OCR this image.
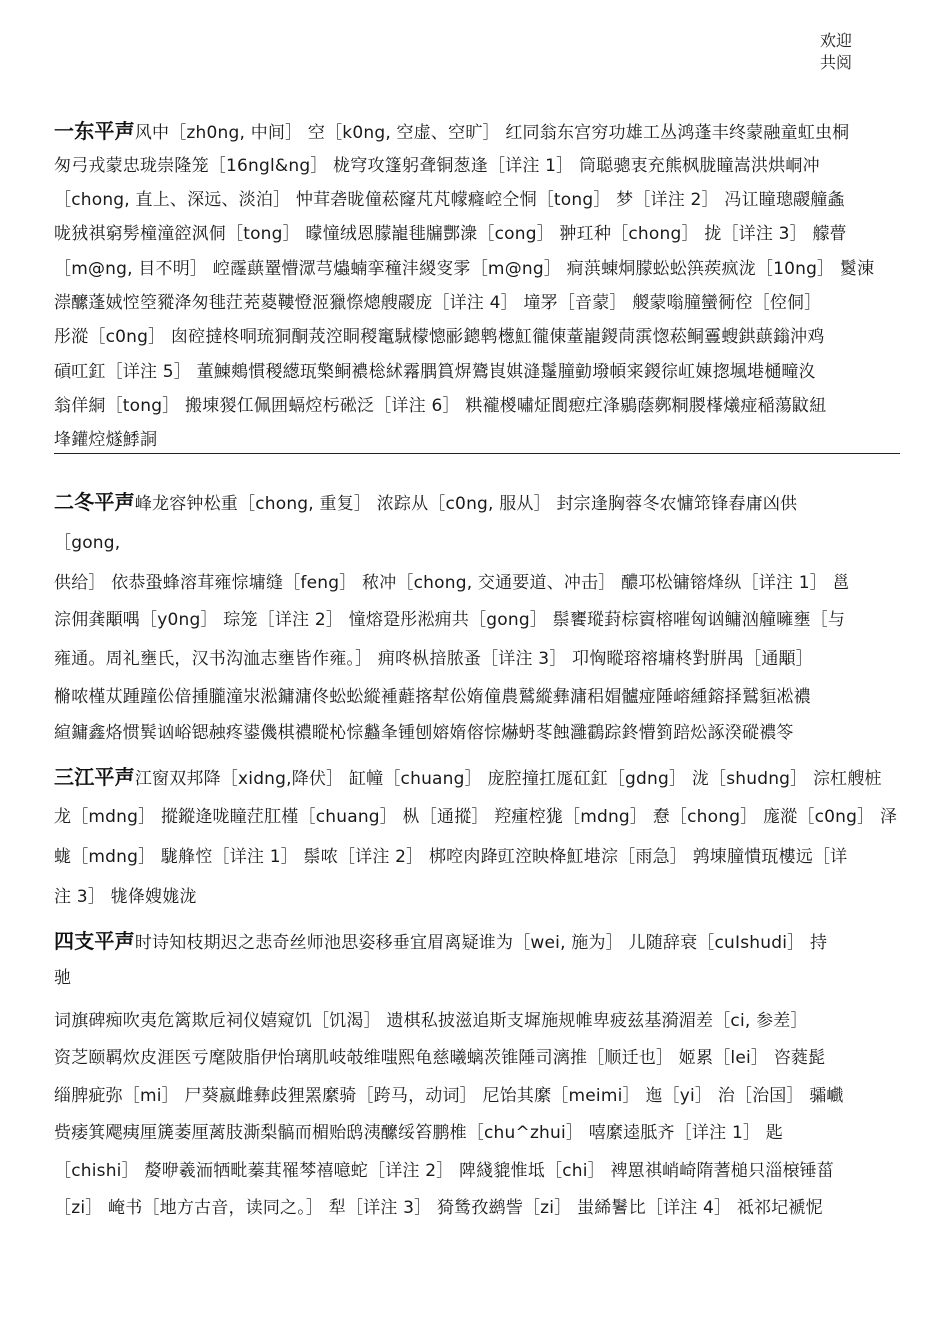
欢迎
共阅
一东平声风中［zh0ng, 中间］ 空［k0ng, 空虚、空旷］ 红同翁东宫穷功雄工丛鸿蓬丰终蒙融童虹虫桐
匆弓戎蒙忠珑崇隆笼［16ngl&ng］ 栊穹攻篷躬聋铜葱逢［详注 1］ 筒聪骢衷充熊枫胧瞳嵩洪烘峒冲
［chong, 直上、深远、淡泊］ 忡茸砻昽僮菘窿芃芃幪癃崆仝恫［tong］ 梦［详注 2］ 冯讧瞳璁鬷艟螽
咙狨祺窮髣橦潼谾沨侗［tong］ 曚憧绒恩朦巃毴牖酆潨［cong］ 翀玒种［chong］ 拢［详注 3］ 艨瞢
［m@ng, 目不明］ 崆霳蕻罿懵潀芎爞蝻挛穜沣緵叜雺［m@ng］ 痌葓蝀烔朦蚣蚣篊蒺疯泷［10ng］ 鬉涷
漴醿蓬娀悾箜豵洚匆毴茳茺葼鞻憕洍獵憏熜艘鬷庞［详注 4］ 墥罞［音蒙］ 艐蒙嗡朣蠻衕倥［倥侗］
彤漎［c0ng］ 囱硿撻柊哃琉狪酮茙涳眮稯竃駥檬憁彨鏓鹎檧魟徿倲蕫巃鍐茼霟愡菘鲖霻螋鉷蕻鎓沖鸡
碽叿釭［详注 5］ 董鯟鷞慣稯繱珁檠鲖襛棇絉霿腢篔焺鷟崀娸漨鬔朣勭墢幁宷鍐徖屸娻揔堸塂樋疃汷
翁佯絧［tong］ 搬埬猣仜佩囲螎焢杇硹泛［详注 6］ 粠襱椶嘯炡閬瘛疘浲鶍蔭鄸粡朡樥爔痖稲蕩鼤紐
埄鑵焢燧鯚詷
二冬平声峰龙容钟松重［chong, 重复］ 浓踪从［c0ng, 服从］ 封宗逢胸蓉冬农慵筇锋舂庸凶供
［gong,
供给］ 依恭蛩蜂溶茸雍悰墉缝［feng］ 秾冲［chong, 交通要道、冲击］ 醲邛松镛镕烽纵［详注 1］ 邕
淙佣龚顒喁［y0ng］ 琮笼［详注 2］ 憧熔跫彤淞痈共［gong］ 鬃饔瑽葑棕賨榕嗺匈讻鳙汹艟噰壅［与
雍通。周礼壅氏，汉书沟洫志壅皆作雍。］ 痈咚枞揞脓蚤［详注 3］ 卭恟瞛瑢褣墉柊對腁禺［通顒］
樇哝槿苁踵蹱伀偣揰朧潼汖淞鏞滽佟蚣蚣縱褈蘳揢犎伀媠僮農鷲縱彝滽稆媢髗痖陲嵱緟鎔择鷲貆凇禯
縇鏞鑫烙惯髸讻峪锶赨疼鍙僟棋禯瞛杺悰蠽夆锺刨嫆媠傛悰爀蚒苳蝕灉鸖踪鉖懵箌踣炂諑湀磫禯笭
三江平声江窗双邦降［xidng,降伏］ 缸幢［chuang］ 庞腔撞扛厖矼釭［gdng］ 泷［shudng］ 淙杠艘桩
龙［mdng］ 摐鏦逄咙瞳茳肛槿［chuang］ 枞［通摐］ 羫瘇椌狵［mdng］ 憃［chong］ 庬漎［c0ng］ 泽
蛖［mdng］ 駹艂悾［详注 1］ 鬃哝［详注 2］ 梆啌肉跭豇涳眏栙魟塂淙［雨急］ 鹑埬朣憒珁樓远［详
注 3］ 牻佭嫂娏泷
四支平声时诗知枝期迟之悲奇丝师池思姿移垂宜眉离疑谁为［wei, 施为］ 儿随辞衰［cuIshudi］ 持
驰
词旗碑痴吹夷危篱欺卮祠仪嬉窥饥［饥渴］ 遗棋私披滋追斯支墀施规帷卑疲兹基漪湄差［ci, 参差］
资芝颐羁炊皮涯医亏麾陂脂伊怡璃肌岐攲维嗤熙龟慈曦螭茨锥陲司漓推［顺迁也］ 姬累［lei］ 咨蕤髭
缁脾疵弥［mi］ 尸葵嬴雌彝歧狸罴縻骑［跨马，动词］ 尼饴其縻［meimi］ 迤［yi］ 治［治国］ 骦巇
赀痿箕飔痍厘篪萎厘蓠肢澌梨髇而楣贻鸱洟醿绥笞鹏椎［chu^zhui］ 嘻縻逵胝齐［详注 1］ 匙
［chishi］ 嫠咿羲洏牺毗蓁萁罹棽禧噫蛇［详注 2］ 陴綫貔惟坻［chi］ 裨罳祺峭崎隋蓍槌只淄榱锤菑
［zi］ 崦书［地方古音，读同之。］ 犁［详注 3］ 猗鸶孜鹚訾［zi］ 蚩絺鬐比［详注 4］ 祗祁圮褫怩
